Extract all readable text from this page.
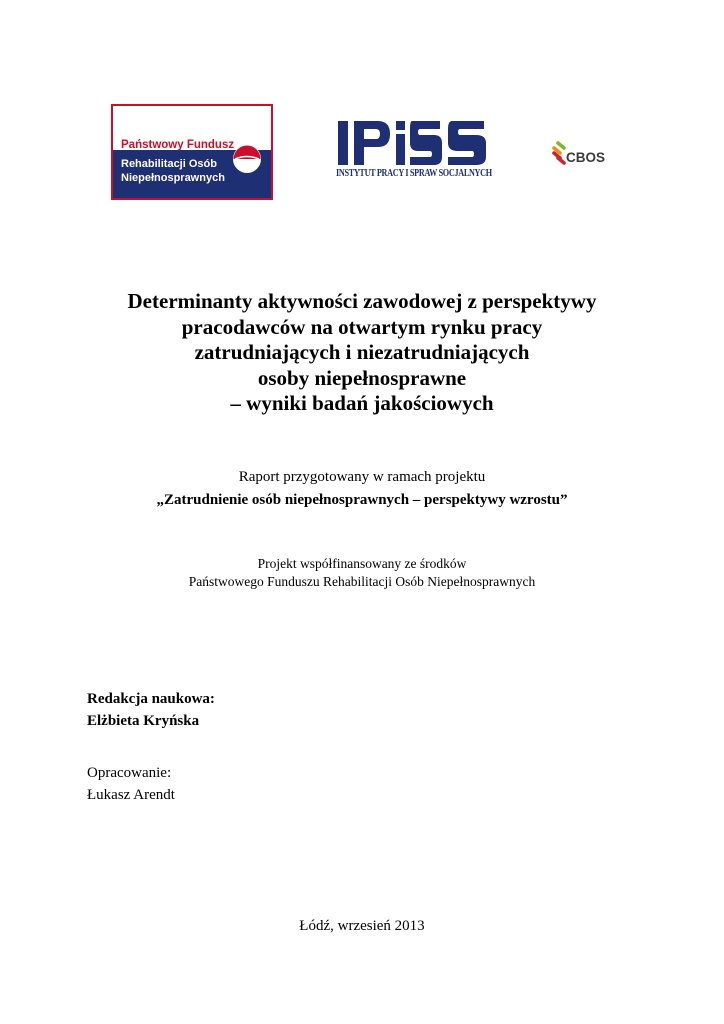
Państwowy Fundusz
Rehabilitacji Osób
Niepełnosprawnych	INSTYTUT PRACY I SPRAW SOCJALNYCH
CBOS
Determinanty aktywności zawodowej z perspektywy
pracodawców na otwartym rynku pracy
zatrudniających i niezatrudniających
osoby niepełnosprawne
– wyniki badań jakościowych
Raport przygotowany w ramach projektu
„Zatrudnienie osób niepełnosprawnych – perspektywy wzrostu”
Projekt współfinansowany ze środków
Państwowego Funduszu Rehabilitacji Osób Niepełnosprawnych
Redakcja naukowa:
Elżbieta Kryńska
Opracowanie:
Łukasz Arendt
Łódź, wrzesień 2013
